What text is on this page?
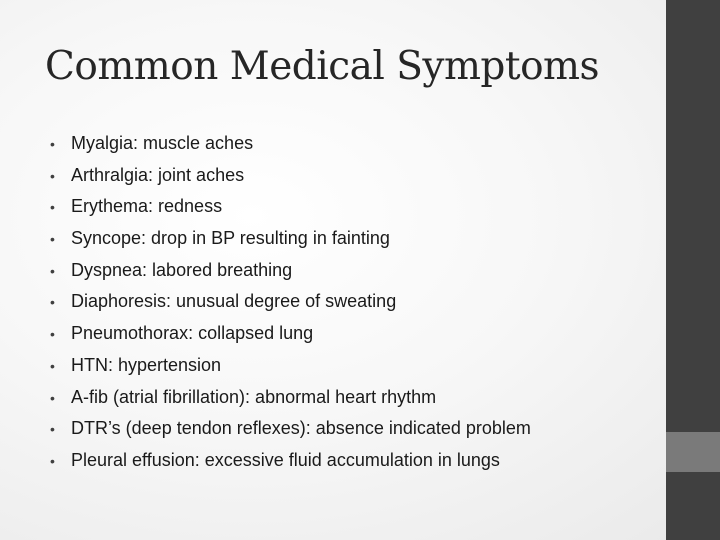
Common Medical Symptoms
• Myalgia: muscle aches
• Arthralgia: joint aches
• Erythema: redness
• Syncope: drop in BP resulting in fainting
• Dyspnea: labored breathing
• Diaphoresis: unusual degree of sweating
• Pneumothorax: collapsed lung
• HTN: hypertension
• A-fib (atrial fibrillation): abnormal heart rhythm
• DTR’s (deep tendon reflexes): absence indicated problem
• Pleural effusion: excessive fluid accumulation in lungs
